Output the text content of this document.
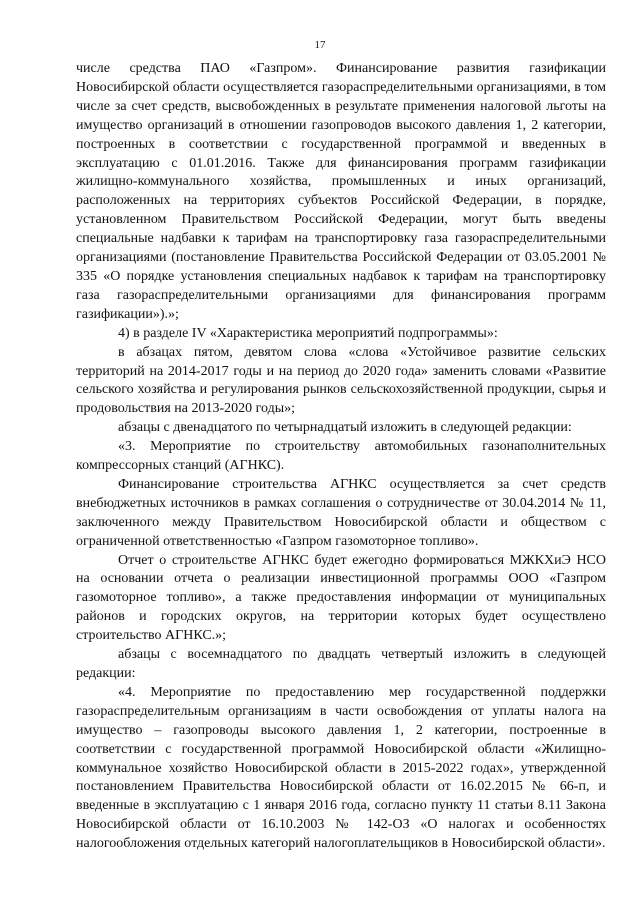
17

числе средства ПАО «Газпром». Финансирование развития газификации Новосибирской области осуществляется газораспределительными организациями, в том числе за счет средств, высвобожденных в результате применения налоговой льготы на имущество организаций в отношении газопроводов высокого давления 1, 2 категории, построенных в соответствии с государственной программой и введенных в эксплуатацию с 01.01.2016. Также для финансирования программ газификации жилищно-коммунального хозяйства, промышленных и иных организаций, расположенных на территориях субъектов Российской Федерации, в порядке, установленном Правительством Российской Федерации, могут быть введены специальные надбавки к тарифам на транспортировку газа газораспределительными организациями (постановление Правительства Российской Федерации от 03.05.2001 № 335 «О порядке установления специальных надбавок к тарифам на транспортировку газа газораспределительными организациями для финансирования программ газификации»).»;

4) в разделе IV «Характеристика мероприятий подпрограммы»:

в абзацах пятом, девятом слова «слова «Устойчивое развитие сельских территорий на 2014-2017 годы и на период до 2020 года» заменить словами «Развитие сельского хозяйства и регулирования рынков сельскохозяйственной продукции, сырья и продовольствия на 2013-2020 годы»;

абзацы с двенадцатого по четырнадцатый изложить в следующей редакции:

«3. Мероприятие по строительству автомобильных газонаполнительных компрессорных станций (АГНКС).

Финансирование строительства АГНКС осуществляется за счет средств внебюджетных источников в рамках соглашения о сотрудничестве от 30.04.2014 № 11, заключенного между Правительством Новосибирской области и обществом с ограниченной ответственностью «Газпром газомоторное топливо».

Отчет о строительстве АГНКС будет ежегодно формироваться МЖКХиЭ НСО на основании отчета о реализации инвестиционной программы ООО «Газпром газомоторное топливо», а также предоставления информации от муниципальных районов и городских округов, на территории которых будет осуществлено строительство АГНКС.»;

абзацы с восемнадцатого по двадцать четвертый изложить в следующей редакции:

«4. Мероприятие по предоставлению мер государственной поддержки газораспределительным организациям в части освобождения от уплаты налога на имущество – газопроводы высокого давления 1, 2 категории, построенные в соответствии с государственной программой Новосибирской области «Жилищно-коммунальное хозяйство Новосибирской области в 2015-2022 годах», утвержденной постановлением Правительства Новосибирской области от 16.02.2015 № 66-п, и введенные в эксплуатацию с 1 января 2016 года, согласно пункту 11 статьи 8.11 Закона Новосибирской области от 16.10.2003 № 142-ОЗ «О налогах и особенностях налогообложения отдельных категорий налогоплательщиков в Новосибирской области».
